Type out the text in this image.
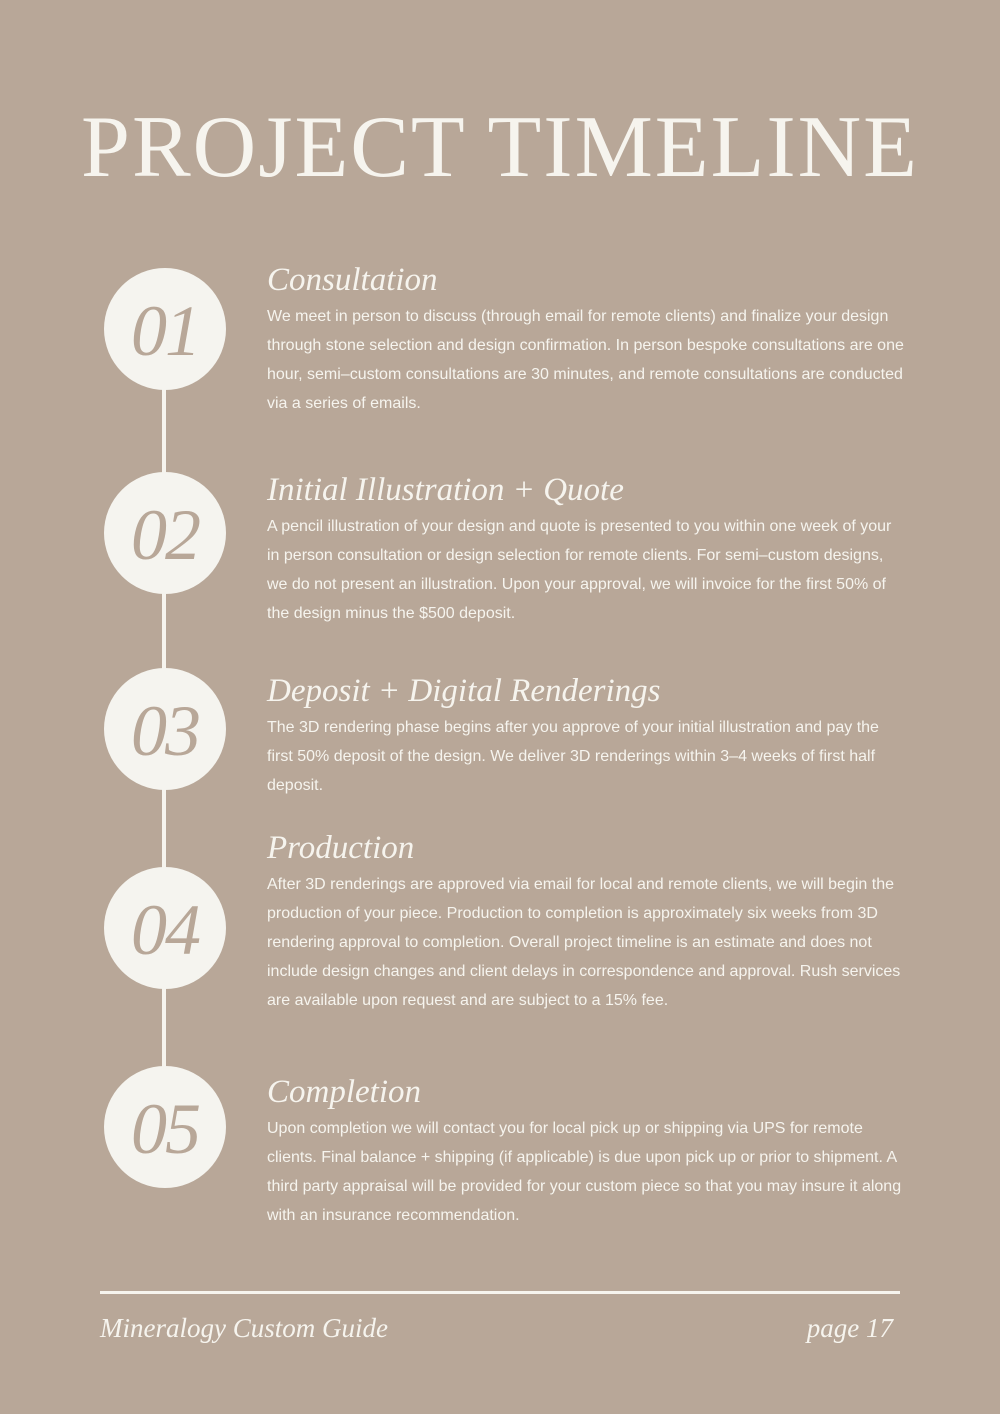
PROJECT TIMELINE
01
Consultation

We meet in person to discuss (through email for remote clients) and finalize your design through stone selection and design confirmation. In person bespoke consultations are one hour, semi–custom consultations are 30 minutes, and remote consultations are conducted via a series of emails.

02
Initial Illustration + Quote

A pencil illustration of your design and quote is presented to you within one week of your in person consultation or design selection for remote clients. For semi–custom designs, we do not present an illustration. Upon your approval, we will invoice for the first 50% of the design minus the $500 deposit.

03 Deposit + Digital Renderings

The 3D rendering phase begins after you approve of your initial illustration and pay the first 50% deposit of the design. We deliver 3D renderings within 3–4 weeks of first half deposit.

04
Production

After 3D renderings are approved via email for local and remote clients, we will begin the production of your piece. Production to completion is approximately six weeks from 3D rendering approval to completion. Overall project timeline is an estimate and does not include design changes and client delays in correspondence and approval. Rush services are available upon request and are subject to a 15% fee.

05 Completion

Upon completion we will contact you for local pick up or shipping via UPS for remote clients. Final balance + shipping (if applicable) is due upon pick up or prior to shipment. A third party appraisal will be provided for your custom piece so that you may insure it along with an insurance recommendation.

Mineralogy Custom Guide	page 17
